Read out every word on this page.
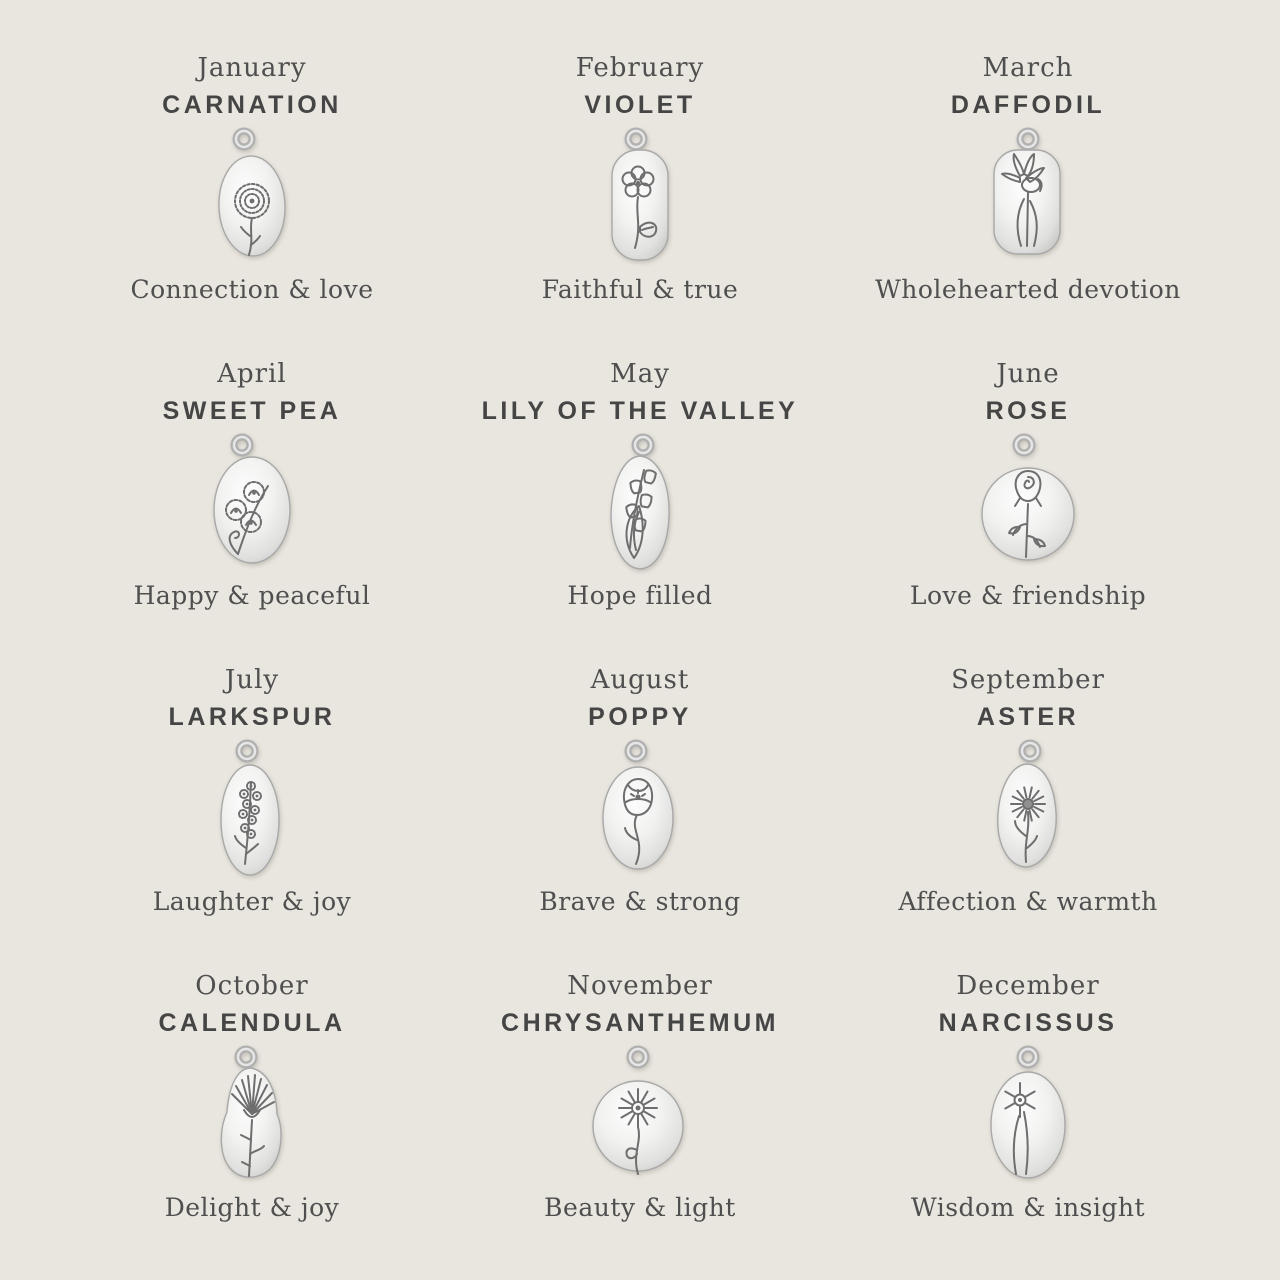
January
CARNATION

Connection & love

February
VIOLET

Faithful & true

March
DAFFODIL

Wholehearted devotion

April
SWEET PEA

Happy & peaceful

May
LILY OF THE VALLEY

Hope filled

June
ROSE

Love & friendship

July
LARKSPUR

Laughter & joy

August
POPPY

Brave & strong

September
ASTER

Affection & warmth

October
CALENDULA

Delight & joy

November
CHRYSANTHEMUM

Beauty & light

December
NARCISSUS

Wisdom & insight
